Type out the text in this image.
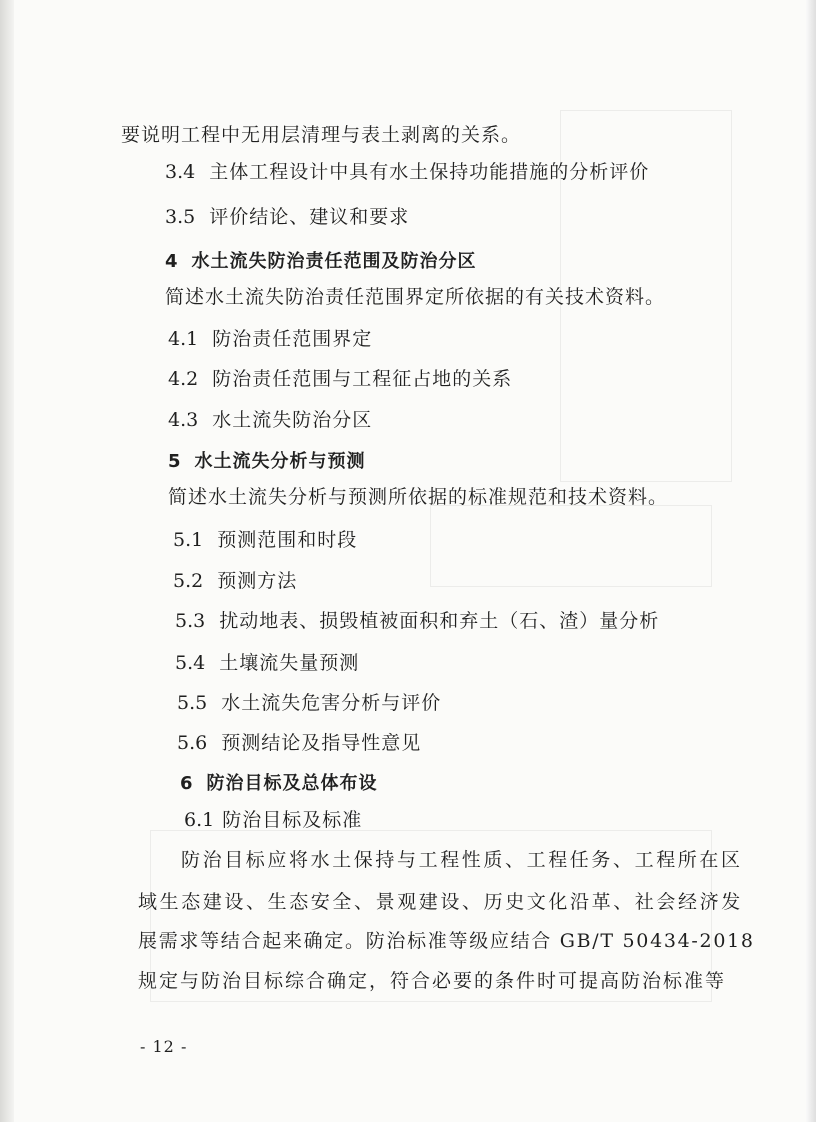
要说明工程中无用层清理与表土剥离的关系。
3.4 主体工程设计中具有水土保持功能措施的分析评价
3.5 评价结论、建议和要求
4 水土流失防治责任范围及防治分区
简述水土流失防治责任范围界定所依据的有关技术资料。
4.1 防治责任范围界定
4.2 防治责任范围与工程征占地的关系
4.3 水土流失防治分区
5 水土流失分析与预测
简述水土流失分析与预测所依据的标准规范和技术资料。
5.1 预测范围和时段
5.2 预测方法
5.3 扰动地表、损毁植被面积和弃土（石、渣）量分析
5.4 土壤流失量预测
5.5 水土流失危害分析与评价
5.6 预测结论及指导性意见
6 防治目标及总体布设
6.1 防治目标及标准
防治目标应将水土保持与工程性质、工程任务、工程所在区
域生态建设、生态安全、景观建设、历史文化沿革、社会经济发
展需求等结合起来确定。防治标准等级应结合 GB/T 50434-2018
规定与防治目标综合确定，符合必要的条件时可提高防治标准等
- 12 -
